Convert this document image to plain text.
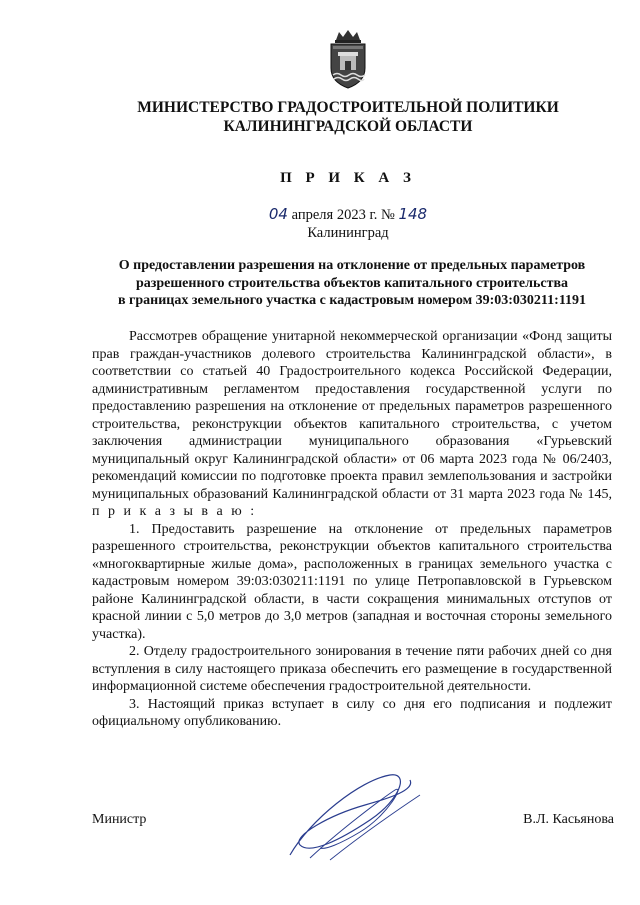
МИНИСТЕРСТВО ГРАДОСТРОИТЕЛЬНОЙ ПОЛИТИКИ
КАЛИНИНГРАДСКОЙ ОБЛАСТИ
П Р И К А З
04 апреля 2023 г. № 148
Калининград
О предоставлении разрешения на отклонение от предельных параметров
разрешенного строительства объектов капитального строительства
в границах земельного участка с кадастровым номером 39:03:030211:1191

Рассмотрев обращение унитарной некоммерческой организации «Фонд защиты прав граждан-участников долевого строительства Калининградской области», в соответствии со статьей 40 Градостроительного кодекса Российской Федерации, административным регламентом предоставления государственной услуги по предоставлению разрешения на отклонение от предельных параметров разрешенного строительства, реконструкции объектов капитального строительства, с учетом заключения администрации муниципального образования «Гурьевский муниципальный округ Калининградской области» от 06 марта 2023 года № 06/2403, рекомендаций комиссии по подготовке проекта правил землепользования и застройки муниципальных образований Калининградской области от 31 марта 2023 года № 145, п р и к а з ы в а ю :

1. Предоставить разрешение на отклонение от предельных параметров разрешенного строительства, реконструкции объектов капитального строительства «многоквартирные жилые дома», расположенных в границах земельного участка с кадастровым номером 39:03:030211:1191 по улице Петропавловской в Гурьевском районе Калининградской области, в части сокращения минимальных отступов от красной линии с 5,0 метров до 3,0 метров (западная и восточная стороны земельного участка).

2. Отделу градостроительного зонирования в течение пяти рабочих дней со дня вступления в силу настоящего приказа обеспечить его размещение в государственной информационной системе обеспечения градостроительной деятельности.

3. Настоящий приказ вступает в силу со дня его подписания и подлежит официальному опубликованию.

Министр	В.Л. Касьянова
